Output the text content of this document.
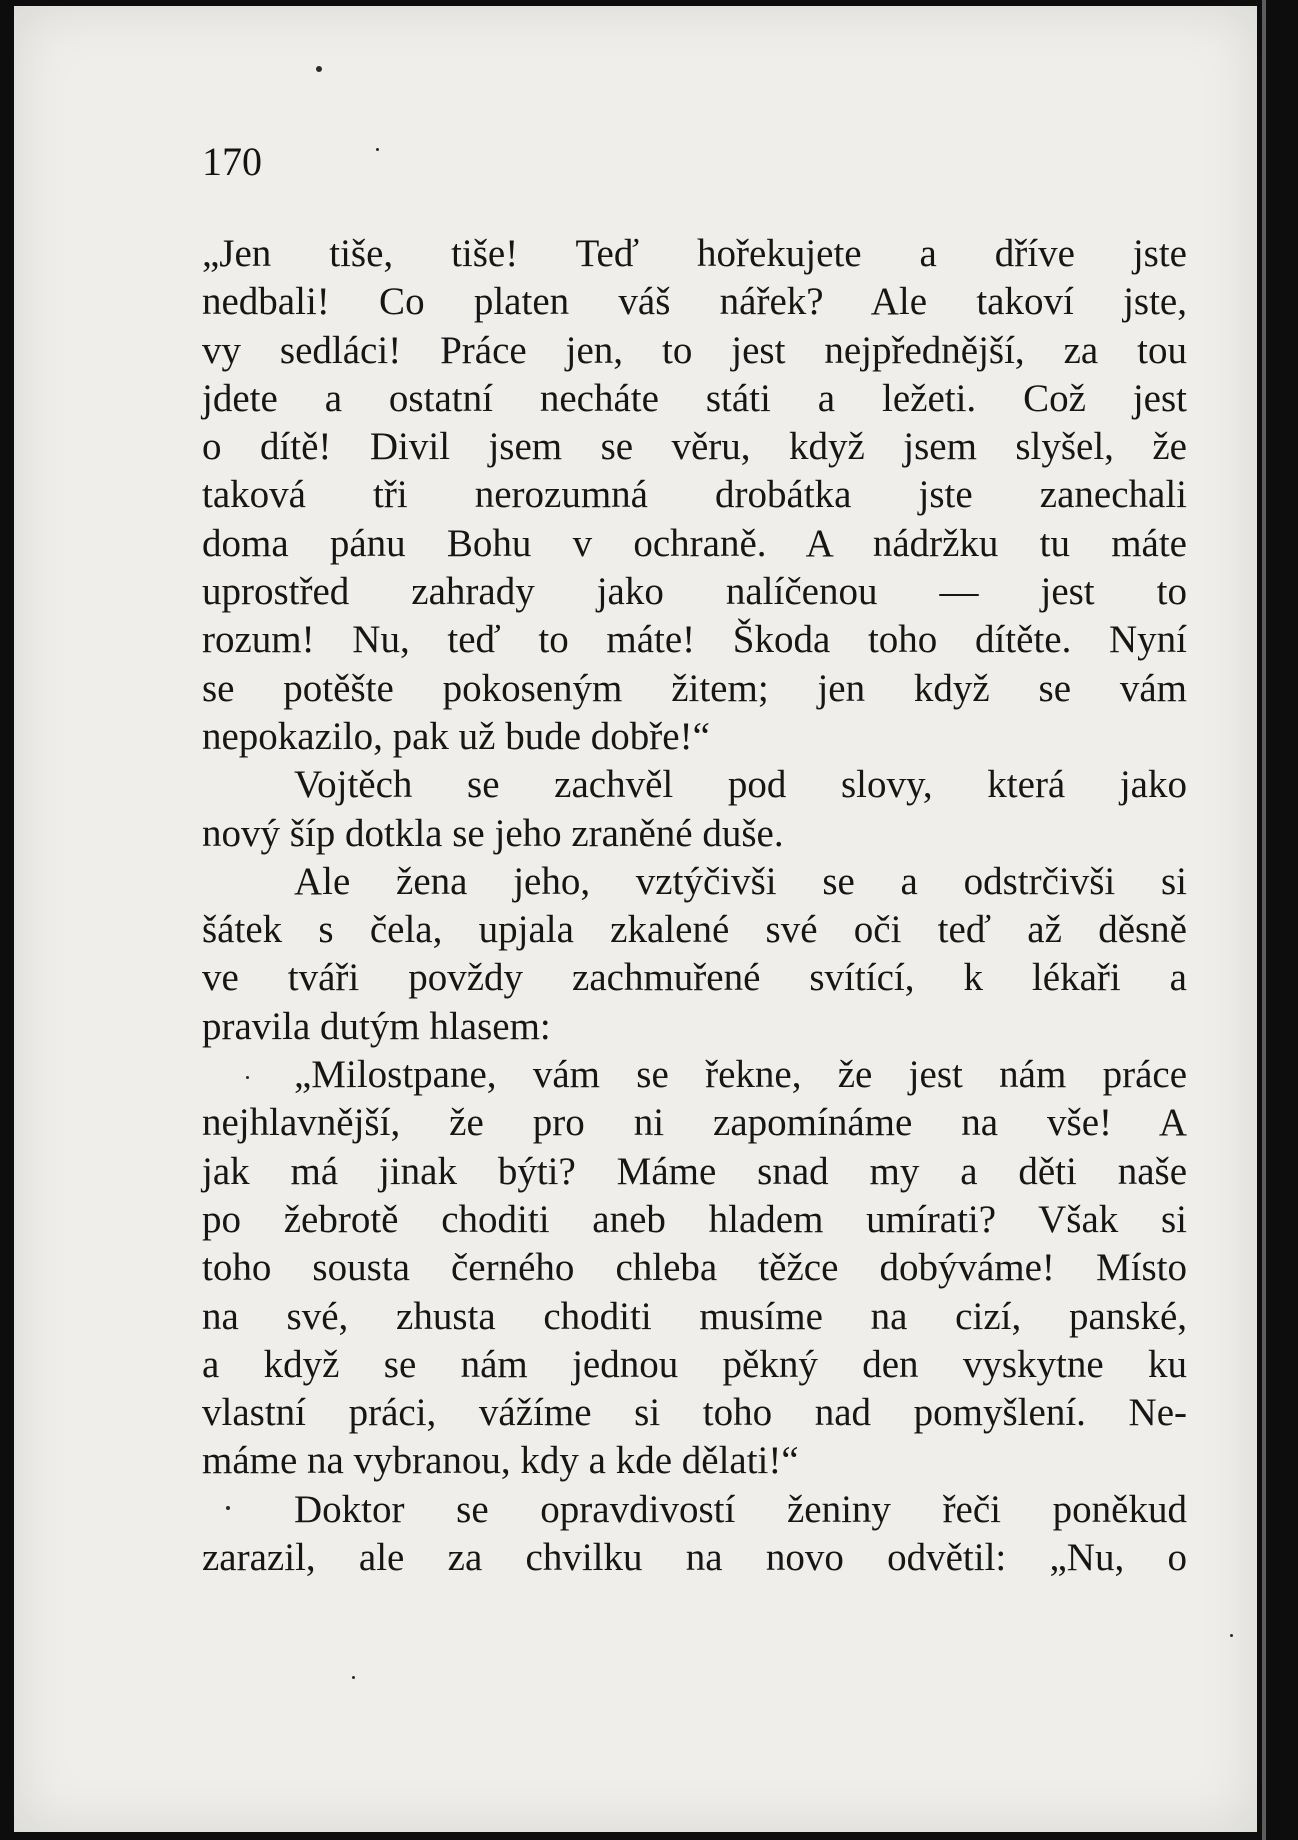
170
„Jen tiše, tiše! Teď hořekujete a dříve jste
nedbali! Co platen váš nářek? Ale takoví jste,
vy sedláci! Práce jen, to jest nejpřednější, za tou
jdete a ostatní necháte státi a ležeti. Což jest
o dítě! Divil jsem se věru, když jsem slyšel, že
taková tři nerozumná drobátka jste zanechali
doma pánu Bohu v ochraně. A nádržku tu máte
uprostřed zahrady jako nalíčenou — jest to
rozum! Nu, teď to máte! Škoda toho dítěte. Nyní
se potěšte pokoseným žitem; jen když se vám
nepokazilo, pak už bude dobře!“
Vojtěch se zachvěl pod slovy, která jako
nový šíp dotkla se jeho zraněné duše.
Ale žena jeho, vztýčivši se a odstrčivši si
šátek s čela, upjala zkalené své oči teď až děsně
ve tváři povždy zachmuřené svítící, k lékaři a
pravila dutým hlasem:
„Milostpane, vám se řekne, že jest nám práce
nejhlavnější, že pro ni zapomínáme na vše! A
jak má jinak býti? Máme snad my a děti naše
po žebrotě choditi aneb hladem umírati? Však si
toho sousta černého chleba těžce dobýváme! Místo
na své, zhusta choditi musíme na cizí, panské,
a když se nám jednou pěkný den vyskytne ku
vlastní práci, vážíme si toho nad pomyšlení. Ne-
máme na vybranou, kdy a kde dělati!“
Doktor se opravdivostí ženiny řeči poněkud
zarazil, ale za chvilku na novo odvětil: „Nu, o
